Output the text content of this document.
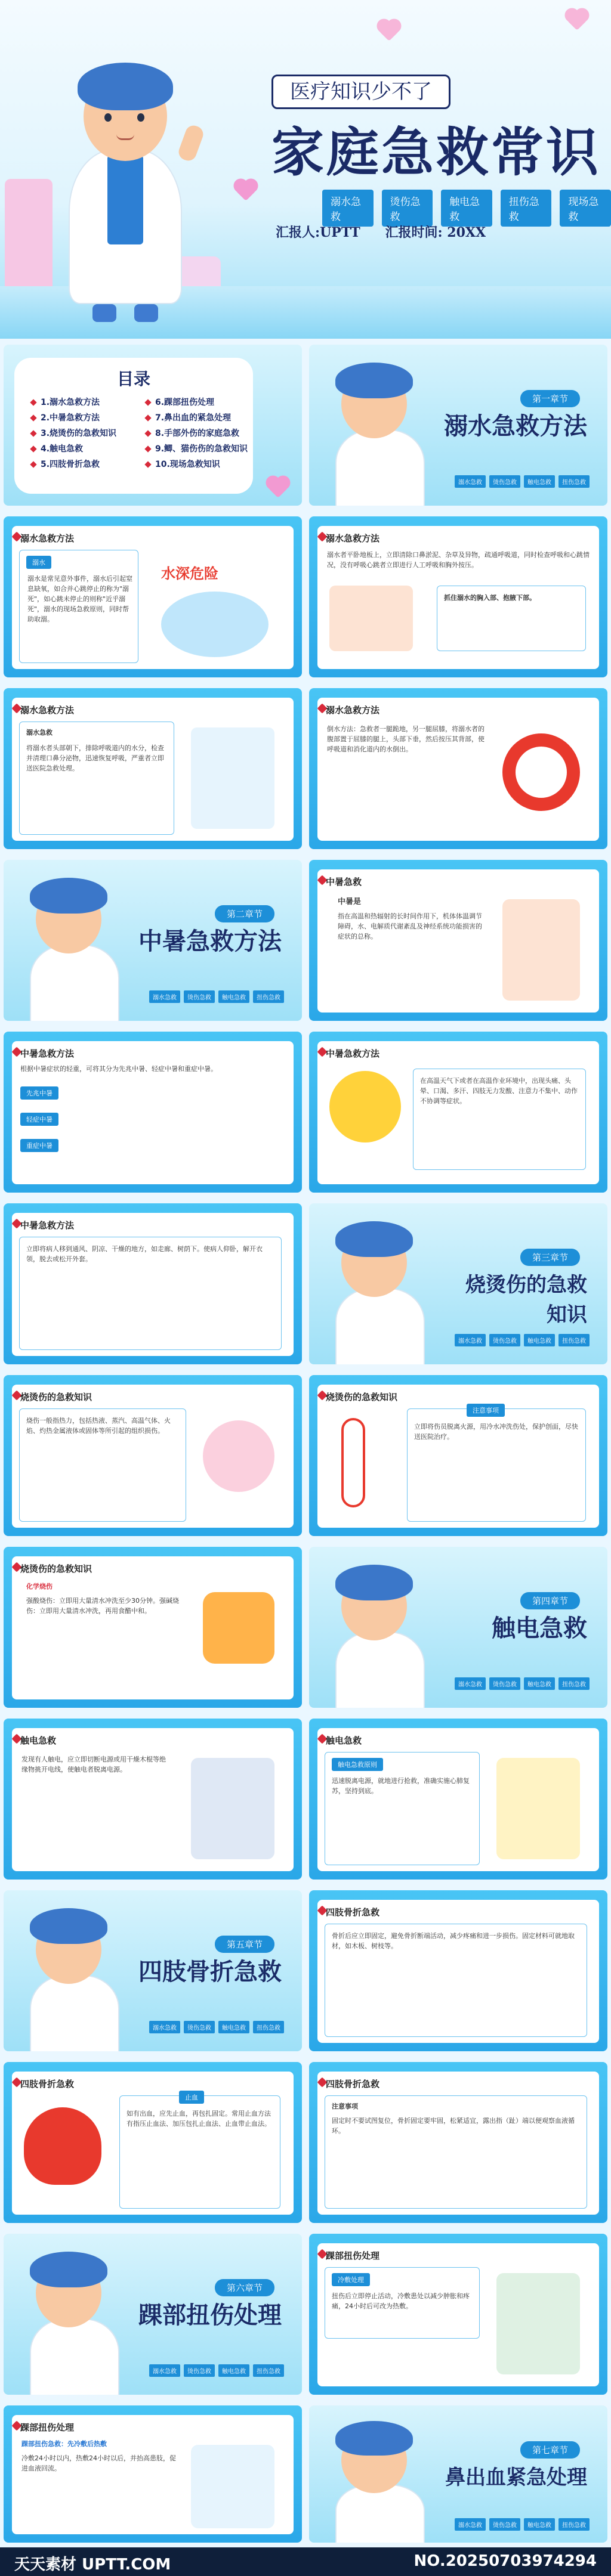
医疗知识少不了
家庭急救常识
溺水急救
烫伤急救
触电急救
扭伤急救
现场急救
汇报人:UPTT 汇报时间: 20XX
目录
1.溺水急救方法
2.中暑急救方法
3.烧烫伤的急救知识
4.触电急救
5.四肢骨折急救
6.踝部扭伤处理
7.鼻出血的紧急处理
8.手部外伤的家庭急救
9.鲫、猫伤伤的急救知识
10.现场急救知识
第一章节
溺水急救方法
溺水急救	烫伤急救	触电急救	扭伤急救
溺水急救方法
溺水
溺水是常见意外事件，溺水后引起窒息缺氧，如合并心跳停止的称为"溺死"，如心跳未停止的则称"近乎溺死"，溺水的现场急救原则，同时帮助取溺。
水深危险
溺水急救方法
溺水者平卧地板上，立即清除口鼻淤泥、杂草及异物，疏通呼吸道，同时检查呼吸和心跳情况，没有呼吸心跳者立即进行人工呼吸和胸外按压。
抓住溺水的胸入部、抱腋下部。
溺水急救方法
溺水急救
将溺水者头部朝下，排除呼吸道内的水分，检查并清理口鼻分泌物，迅速恢复呼吸，严重者立即送医院急救处理。
溺水急救方法
倒水方法：急救者一腿跪地，另一腿屈膝，将溺水者的腹部置于屈膝的腿上，头部下垂，然后按压其背部，使呼吸道和消化道内的水倒出。
第二章节
中暑急救方法
溺水急救	烫伤急救	触电急救	扭伤急救
中暑急救
中暑是
指在高温和热辐射的长时间作用下，机体体温调节障碍，水、电解质代谢紊乱及神经系统功能损害的症状的总称。
中暑急救方法
根据中暑症状的轻重，可将其分为先兆中暑、轻症中暑和重症中暑。
先兆中暑
轻症中暑
重症中暑
中暑急救方法
在高温天气下或者在高温作业环境中，出现头痛、头晕、口渴、多汗、四肢无力发酸、注意力不集中、动作不协调等症状。
中暑急救方法
立即将病人移到通风、阴凉、干燥的地方，如走廊、树荫下。使病人仰卧，解开衣领，脱去或松开外套。	第三章节
烧烫伤的急救知识
溺水急救	烫伤急救	触电急救	扭伤急救
烧烫伤的急救知识
烧伤一般指热力，包括热液、蒸汽、高温气体、火焰、灼热金属液体或固体等所引起的组织损伤。
烧烫伤的急救知识
注意事项
立即将伤员脱离火源，用冷水冲洗伤处，保护创面，尽快送医院治疗。
烧烫伤的急救知识
化学烧伤
强酸烧伤：立即用大量清水冲洗至少30分钟。强碱烧伤：立即用大量清水冲洗，再用食醋中和。
第四章节
触电急救
溺水急救	烫伤急救	触电急救	扭伤急救
触电急救
发现有人触电，应立即切断电源或用干燥木棍等绝缘物挑开电线，使触电者脱离电源。
触电急救
触电急救原则
迅速脱离电源，就地进行抢救，准确实施心肺复苏，坚持到底。
第五章节
四肢骨折急救
溺水急救	烫伤急救	触电急救	扭伤急救
四肢骨折急救
骨折后应立即固定，避免骨折断端活动，减少疼痛和进一步损伤。固定材料可就地取材，如木板、树枝等。
四肢骨折急救
止血
如有出血，应先止血，再包扎固定。常用止血方法有指压止血法、加压包扎止血法、止血带止血法。
四肢骨折急救
注意事项
固定时不要试图复位，骨折固定要牢固，松紧适宜，露出指（趾）端以便观察血液循环。
第六章节
踝部扭伤处理
溺水急救	烫伤急救	触电急救	扭伤急救
踝部扭伤处理
冷敷处理
扭伤后立即停止活动，冷敷患处以减少肿胀和疼痛，24小时后可改为热敷。
踝部扭伤处理
踝部扭伤急救：先冷敷后热敷
冷敷24小时以内，热敷24小时以后，并抬高患肢，促进血液回流。
第七章节
鼻出血紧急处理
溺水急救	烫伤急救	触电急救	扭伤急救
天天素材 UPTT.COM	NO.20250703974294
